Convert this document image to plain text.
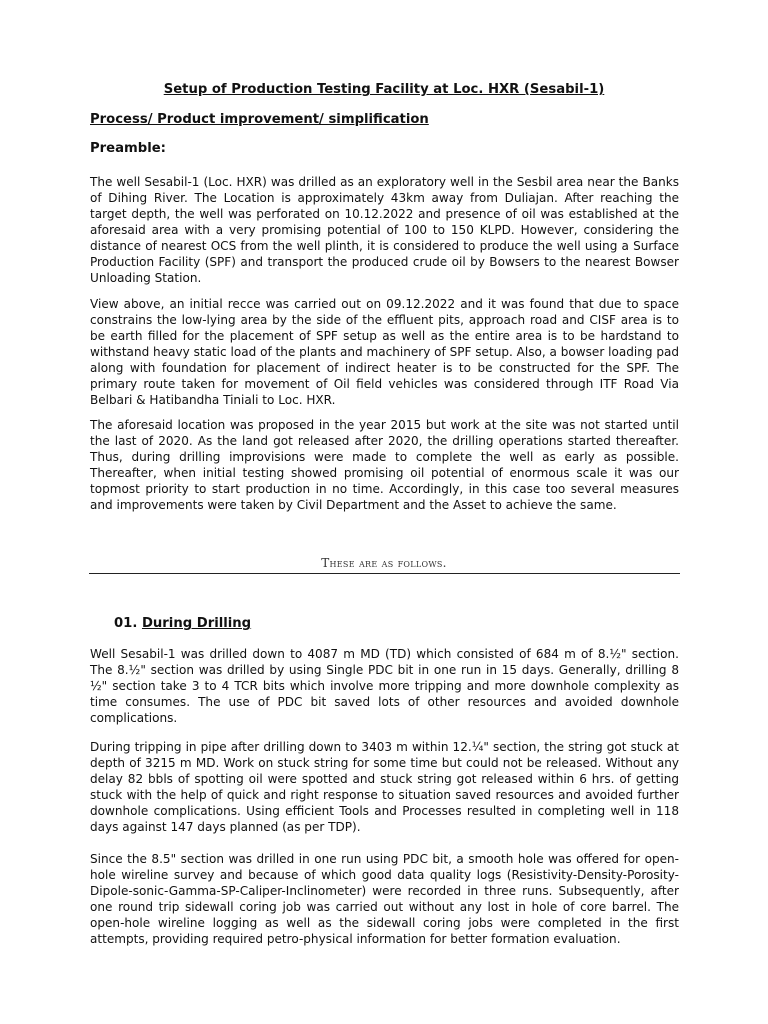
Setup of Production Testing Facility at Loc. HXR (Sesabil-1)
Process/ Product improvement/ simplification
Preamble:

The well Sesabil-1 (Loc. HXR) was drilled as an exploratory well in the Sesbil area near the Banks of Dihing River. The Location is approximately 43km away from Duliajan. After reaching the target depth, the well was perforated on 10.12.2022 and presence of oil was established at the aforesaid area with a very promising potential of 100 to 150 KLPD. However, considering the distance of nearest OCS from the well plinth, it is considered to produce the well using a Surface Production Facility (SPF) and transport the produced crude oil by Bowsers to the nearest Bowser Unloading Station.

View above, an initial recce was carried out on 09.12.2022 and it was found that due to space constrains the low-lying area by the side of the effluent pits, approach road and CISF area is to be earth filled for the placement of SPF setup as well as the entire area is to be hardstand to withstand heavy static load of the plants and machinery of SPF setup. Also, a bowser loading pad along with foundation for placement of indirect heater is to be constructed for the SPF. The primary route taken for movement of Oil field vehicles was considered through ITF Road Via Belbari & Hatibandha Tiniali to Loc. HXR.

The aforesaid location was proposed in the year 2015 but work at the site was not started until the last of 2020. As the land got released after 2020, the drilling operations started thereafter. Thus, during drilling improvisions were made to complete the well as early as possible. Thereafter, when initial testing showed promising oil potential of enormous scale it was our topmost priority to start production in no time. Accordingly, in this case too several measures and improvements were taken by Civil Department and the Asset to achieve the same.

These are as follows.
01. During Drilling

Well Sesabil-1 was drilled down to 4087 m MD (TD) which consisted of 684 m of 8.½" section. The 8.½" section was drilled by using Single PDC bit in one run in 15 days. Generally, drilling 8 ½" section take 3 to 4 TCR bits which involve more tripping and more downhole complexity as time consumes. The use of PDC bit saved lots of other resources and avoided downhole complications.

During tripping in pipe after drilling down to 3403 m within 12.¼" section, the string got stuck at depth of 3215 m MD. Work on stuck string for some time but could not be released. Without any delay 82 bbls of spotting oil were spotted and stuck string got released within 6 hrs. of getting stuck with the help of quick and right response to situation saved resources and avoided further downhole complications. Using efficient Tools and Processes resulted in completing well in 118 days against 147 days planned (as per TDP).

Since the 8.5" section was drilled in one run using PDC bit, a smooth hole was offered for open-hole wireline survey and because of which good data quality logs (Resistivity-Density-Porosity-Dipole-sonic-Gamma-SP-Caliper-Inclinometer) were recorded in three runs. Subsequently, after one round trip sidewall coring job was carried out without any lost in hole of core barrel. The open-hole wireline logging as well as the sidewall coring jobs were completed in the first attempts, providing required petro-physical information for better formation evaluation.
